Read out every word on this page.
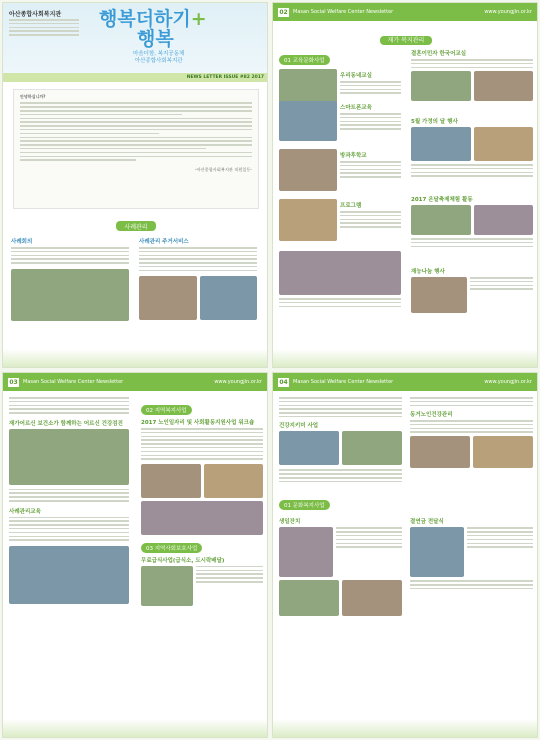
아산종합사회복지관 행복더하기+
행복
마음더함, 복지공동체
아산종합사회복지관
NEWS LETTER ISSUE #82 2017
안녕하십니까?
-아산종합사회복지관 직원일동-
사례관리
사례회의	사례관리 주거서비스
02 Masan Social Welfare Center Newsletter	www.youngjin.or.kr
재가 복지관리
01 교육문화사업
우리동네교실
스마트폰교육
방과후학교
프로그램
결혼이민자 한국어교실
5월 가정의 달 행사
2017 온달축제체험 활동
재능나눔 행사
03 Masan Social Welfare Center Newsletter	www.youngjin.or.kr
재가어르신 보건소가 함께하는 어르신 건강검진
사례관리교육
02 지역복지사업
2017 노인일자리 및 사회활동지원사업 워크숍
03 지역사회보호사업
무료급식사업(급식소, 도시락배달)
04 Masan Social Welfare Center Newsletter	www.youngjin.or.kr
건강지키미 사업
동거노인건강관리
01 문화복지사업
생일잔치	결연금 전달식
